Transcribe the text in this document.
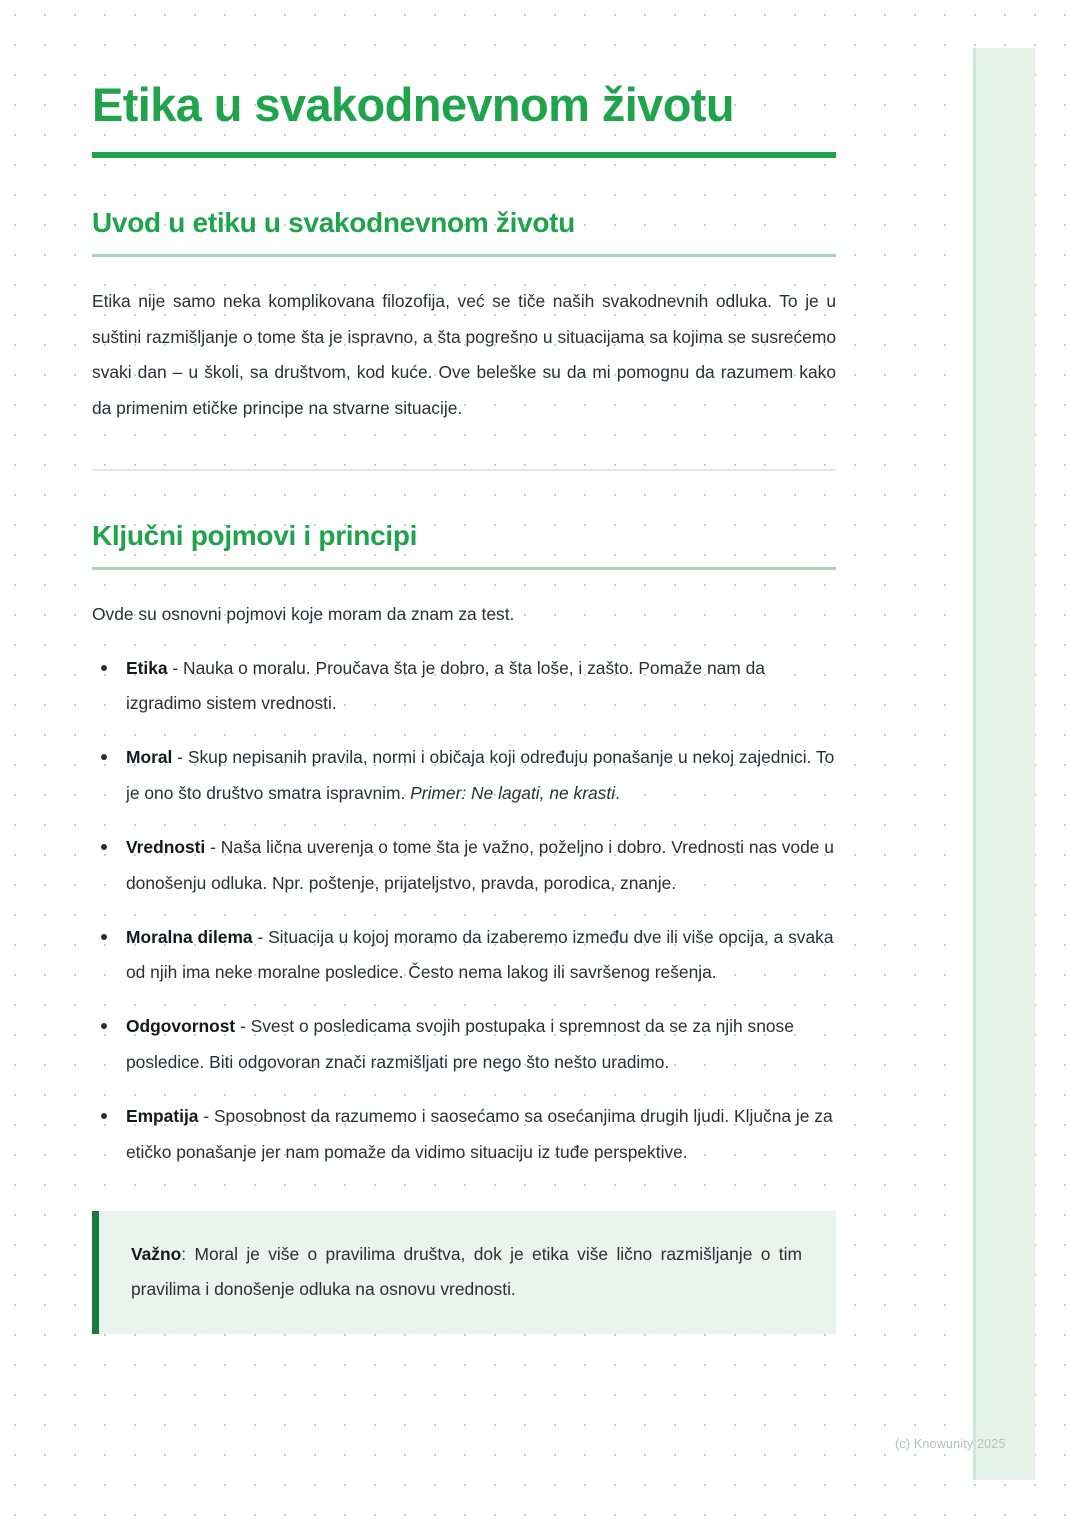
Etika u svakodnevnom životu
Uvod u etiku u svakodnevnom životu

Etika nije samo neka komplikovana filozofija, već se tiče naših svakodnevnih odluka. To je u suštini razmišljanje o tome šta je ispravno, a šta pogrešno u situacijama sa kojima se susrećemo svaki dan – u školi, sa društvom, kod kuće. Ove beleške su da mi pomognu da razumem kako da primenim etičke principe na stvarne situacije.

Ključni pojmovi i principi

Ovde su osnovni pojmovi koje moram da znam za test.

Etika - Nauka o moralu. Proučava šta je dobro, a šta loše, i zašto. Pomaže nam da izgradimo sistem vrednosti.
Moral - Skup nepisanih pravila, normi i običaja koji određuju ponašanje u nekoj zajednici. To je ono što društvo smatra ispravnim. Primer: Ne lagati, ne krasti.
Vrednosti - Naša lična uverenja o tome šta je važno, poželjno i dobro. Vrednosti nas vode u donošenju odluka. Npr. poštenje, prijateljstvo, pravda, porodica, znanje.
Moralna dilema - Situacija u kojoj moramo da izaberemo između dve ili više opcija, a svaka od njih ima neke moralne posledice. Često nema lakog ili savršenog rešenja.
Odgovornost - Svest o posledicama svojih postupaka i spremnost da se za njih snose posledice. Biti odgovoran znači razmišljati pre nego što nešto uradimo.
Empatija - Sposobnost da razumemo i saosećamo sa osećanjima drugih ljudi. Ključna je za etičko ponašanje jer nam pomaže da vidimo situaciju iz tuđe perspektive.

Važno: Moral je više o pravilima društva, dok je etika više lično razmišljanje o tim pravilima i donošenje odluka na osnovu vrednosti.

(c) Knowunity 2025
